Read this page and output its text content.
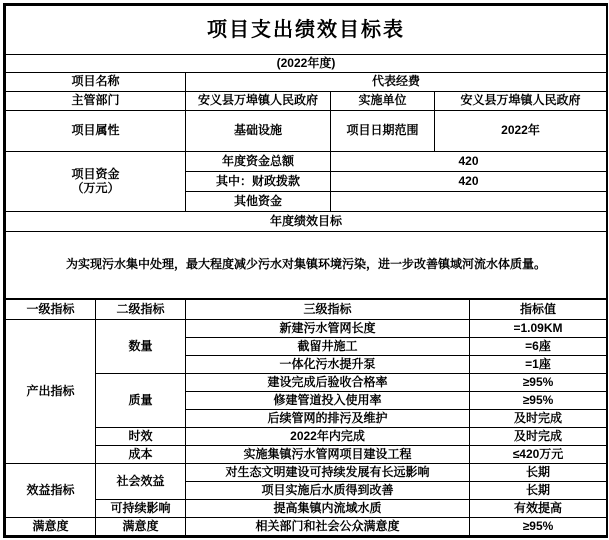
项目支出绩效目标表			
(2022年度)			
项目名称	代表经费		
主管部门	安义县万埠镇人民政府	实施单位	安义县万埠镇人民政府
项目属性	基础设施	项目日期范围	2022年

项目资金
（万元）	年度资金总额	420	
	其中：财政拨款	420	
	其他资金		
年度绩效目标			
为实现污水集中处理，最大程度减少污水对集镇环境污染，进一步改善镇域河流水体质量。			
一级指标	二级指标	三级指标	指标值
产出指标	数量	新建污水管网长度	=1.09KM
		截留井施工	=6座
		一体化污水提升泵	=1座
	质量	建设完成后验收合格率	≥95%
		修建管道投入使用率	≥95%
		后续管网的排污及维护	及时完成
	时效	2022年内完成	及时完成
	成本	实施集镇污水管网项目建设工程	≤420万元
效益指标	社会效益	对生态文明建设可持续发展有长远影响	长期
		项目实施后水质得到改善	长期
	可持续影响	提高集镇内流域水质	有效提高
满意度	满意度	相关部门和社会公众满意度	≥95%
